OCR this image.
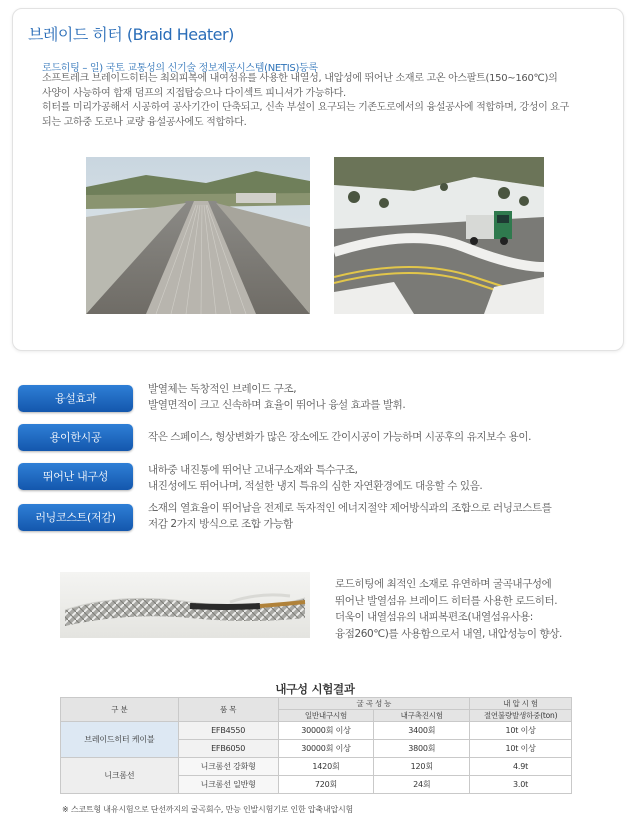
브레이드 히터 (Braid Heater)
로드히팅 – 일) 국토 교통성의 신기술 정보제공시스템(NETIS)등록

소프트레크 브레이드히터는 최외피복에 내여섬유를 사용한 내열성, 내압성에 뛰어난 소재로 고온 아스팔트(150~160℃)의

사양이 사능하여 합재 덤프의 지접탑승으나 다이섹트 피니셔가 가능하다.

히터를 미리가공해서 시공하여 공사기간이 단축되고, 신속 부설이 요구되는 기존도로에서의 융설공사에 적합하며, 강성이 요구

되는 고하중 도로나 교량 융설공사에도 적합하다.

융설효과

발열체는 독창적인 브레이드 구조,

발열면적이 크고 신속하며 효율이 뛰어나 융설 효과를 발휘.

용이한시공	작은 스페이스, 형상변화가 많은 장소에도 간이시공이 가능하며 시공후의 유지보수 용이.

뛰어난 내구성	내하중 내진통에 뛰어난 고내구소재와 특수구조,

내진성에도 뛰어나며, 적설한 냉지 특유의 심한 자연환경에도 대응할 수 있음.

러닝코스트(저감)

소재의 열효율이 뛰어남을 전제로 독자적인 에너지절약 제어방식과의 조합으로 러닝코스트를

저감 2가지 방식으로 조합 가능함

로드히팅에 최적인 소재로 유연하며 굴곡내구성에

뛰어난 발열섬유 브레이드 히터를 사용한 로드히터.

더욱이 내열섬유의 내피복편조(내열섬유사용:

융점260℃)를 사용함으로서 내열, 내압성능이 향상.

내구성 시험결과
구 분	품 목	굴 곡 성 능		내 압 시 험
		일반내구시험	내구촉진시험	절연불량발생하중(ton)
브레이드히터 케이블	EFB4550	30000회 이상	3400회	10t 이상
	EFB6050	30000회 이상	3800회	10t 이상
니크롬선	니크롬선 강화형	1420회	120회	4.9t
	니크롬선 일반형	720회	24회	3.0t
※ 스코트형 내유시험으로 단선까지의 굴곡회수, 만능 인발시험기로 인한 압축내압시험
